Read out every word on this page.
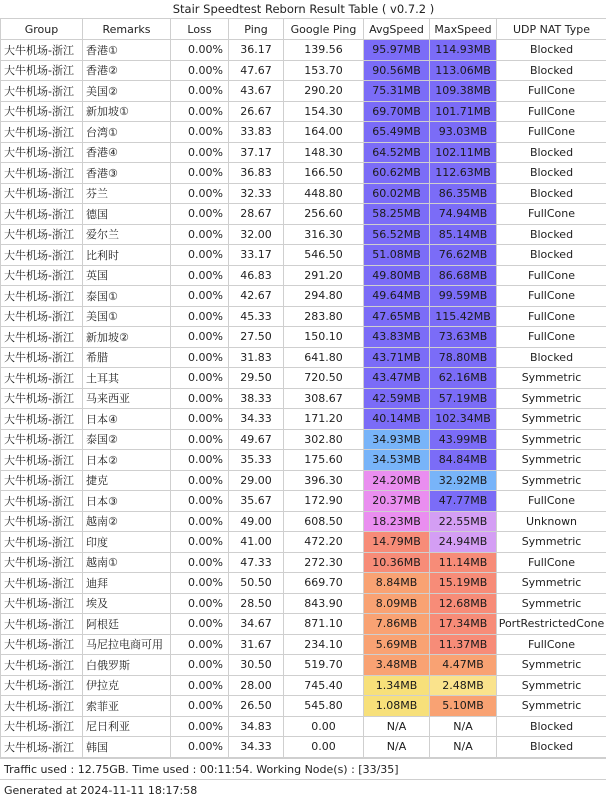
Stair Speedtest Reborn Result Table ( v0.7.2 )							
Group	Remarks	Loss	Ping	Google Ping	AvgSpeed	MaxSpeed	UDP NAT Type
大牛机场-浙江	香港①	0.00%	36.17	139.56	95.97MB	114.93MB	Blocked
大牛机场-浙江	香港②	0.00%	47.67	153.70	90.56MB	113.06MB	Blocked
大牛机场-浙江	美国②	0.00%	43.67	290.20	75.31MB	109.38MB	FullCone
大牛机场-浙江	新加坡①	0.00%	26.67	154.30	69.70MB	101.71MB	FullCone
大牛机场-浙江	台湾①	0.00%	33.83	164.00	65.49MB	93.03MB	FullCone
大牛机场-浙江	香港④	0.00%	37.17	148.30	64.52MB	102.11MB	Blocked
大牛机场-浙江	香港③	0.00%	36.83	166.50	60.62MB	112.63MB	Blocked
大牛机场-浙江	芬兰	0.00%	32.33	448.80	60.02MB	86.35MB	Blocked
大牛机场-浙江	德国	0.00%	28.67	256.60	58.25MB	74.94MB	FullCone
大牛机场-浙江	爱尔兰	0.00%	32.00	316.30	56.52MB	85.14MB	Blocked
大牛机场-浙江	比利时	0.00%	33.17	546.50	51.08MB	76.62MB	Blocked
大牛机场-浙江	英国	0.00%	46.83	291.20	49.80MB	86.68MB	FullCone
大牛机场-浙江	泰国①	0.00%	42.67	294.80	49.64MB	99.59MB	FullCone
大牛机场-浙江	美国①	0.00%	45.33	283.80	47.65MB	115.42MB	FullCone
大牛机场-浙江	新加坡②	0.00%	27.50	150.10	43.83MB	73.63MB	FullCone
大牛机场-浙江	希腊	0.00%	31.83	641.80	43.71MB	78.80MB	Blocked
大牛机场-浙江	土耳其	0.00%	29.50	720.50	43.47MB	62.16MB	Symmetric
大牛机场-浙江	马来西亚	0.00%	38.33	308.67	42.59MB	57.19MB	Symmetric
大牛机场-浙江	日本④	0.00%	34.33	171.20	40.14MB	102.34MB	Symmetric
大牛机场-浙江	泰国②	0.00%	49.67	302.80	34.93MB	43.99MB	Symmetric
大牛机场-浙江	日本②	0.00%	35.33	175.60	34.53MB	84.84MB	Symmetric
大牛机场-浙江	捷克	0.00%	29.00	396.30	24.20MB	32.92MB	Symmetric
大牛机场-浙江	日本③	0.00%	35.67	172.90	20.37MB	47.77MB	FullCone
大牛机场-浙江	越南②	0.00%	49.00	608.50	18.23MB	22.55MB	Unknown
大牛机场-浙江	印度	0.00%	41.00	472.20	14.79MB	24.94MB	Symmetric
大牛机场-浙江	越南①	0.00%	47.33	272.30	10.36MB	11.14MB	FullCone
大牛机场-浙江	迪拜	0.00%	50.50	669.70	8.84MB	15.19MB	Symmetric
大牛机场-浙江	埃及	0.00%	28.50	843.90	8.09MB	12.68MB	Symmetric
大牛机场-浙江	阿根廷	0.00%	34.67	871.10	7.86MB	17.34MB	PortRestrictedCone
大牛机场-浙江	马尼拉电商可用	0.00%	31.67	234.10	5.69MB	11.37MB	FullCone
大牛机场-浙江	白俄罗斯	0.00%	30.50	519.70	3.48MB	4.47MB	Symmetric
大牛机场-浙江	伊拉克	0.00%	28.00	745.40	1.34MB	2.48MB	Symmetric
大牛机场-浙江	索菲亚	0.00%	26.50	545.80	1.08MB	5.10MB	Symmetric
大牛机场-浙江	尼日利亚	0.00%	34.83	0.00	N/A	N/A	Blocked
大牛机场-浙江	韩国	0.00%	34.33	0.00	N/A	N/A	Blocked
Traffic used : 12.75GB. Time used : 00:11:54. Working Node(s) : [33/35]
Generated at 2024-11-11 18:17:58
